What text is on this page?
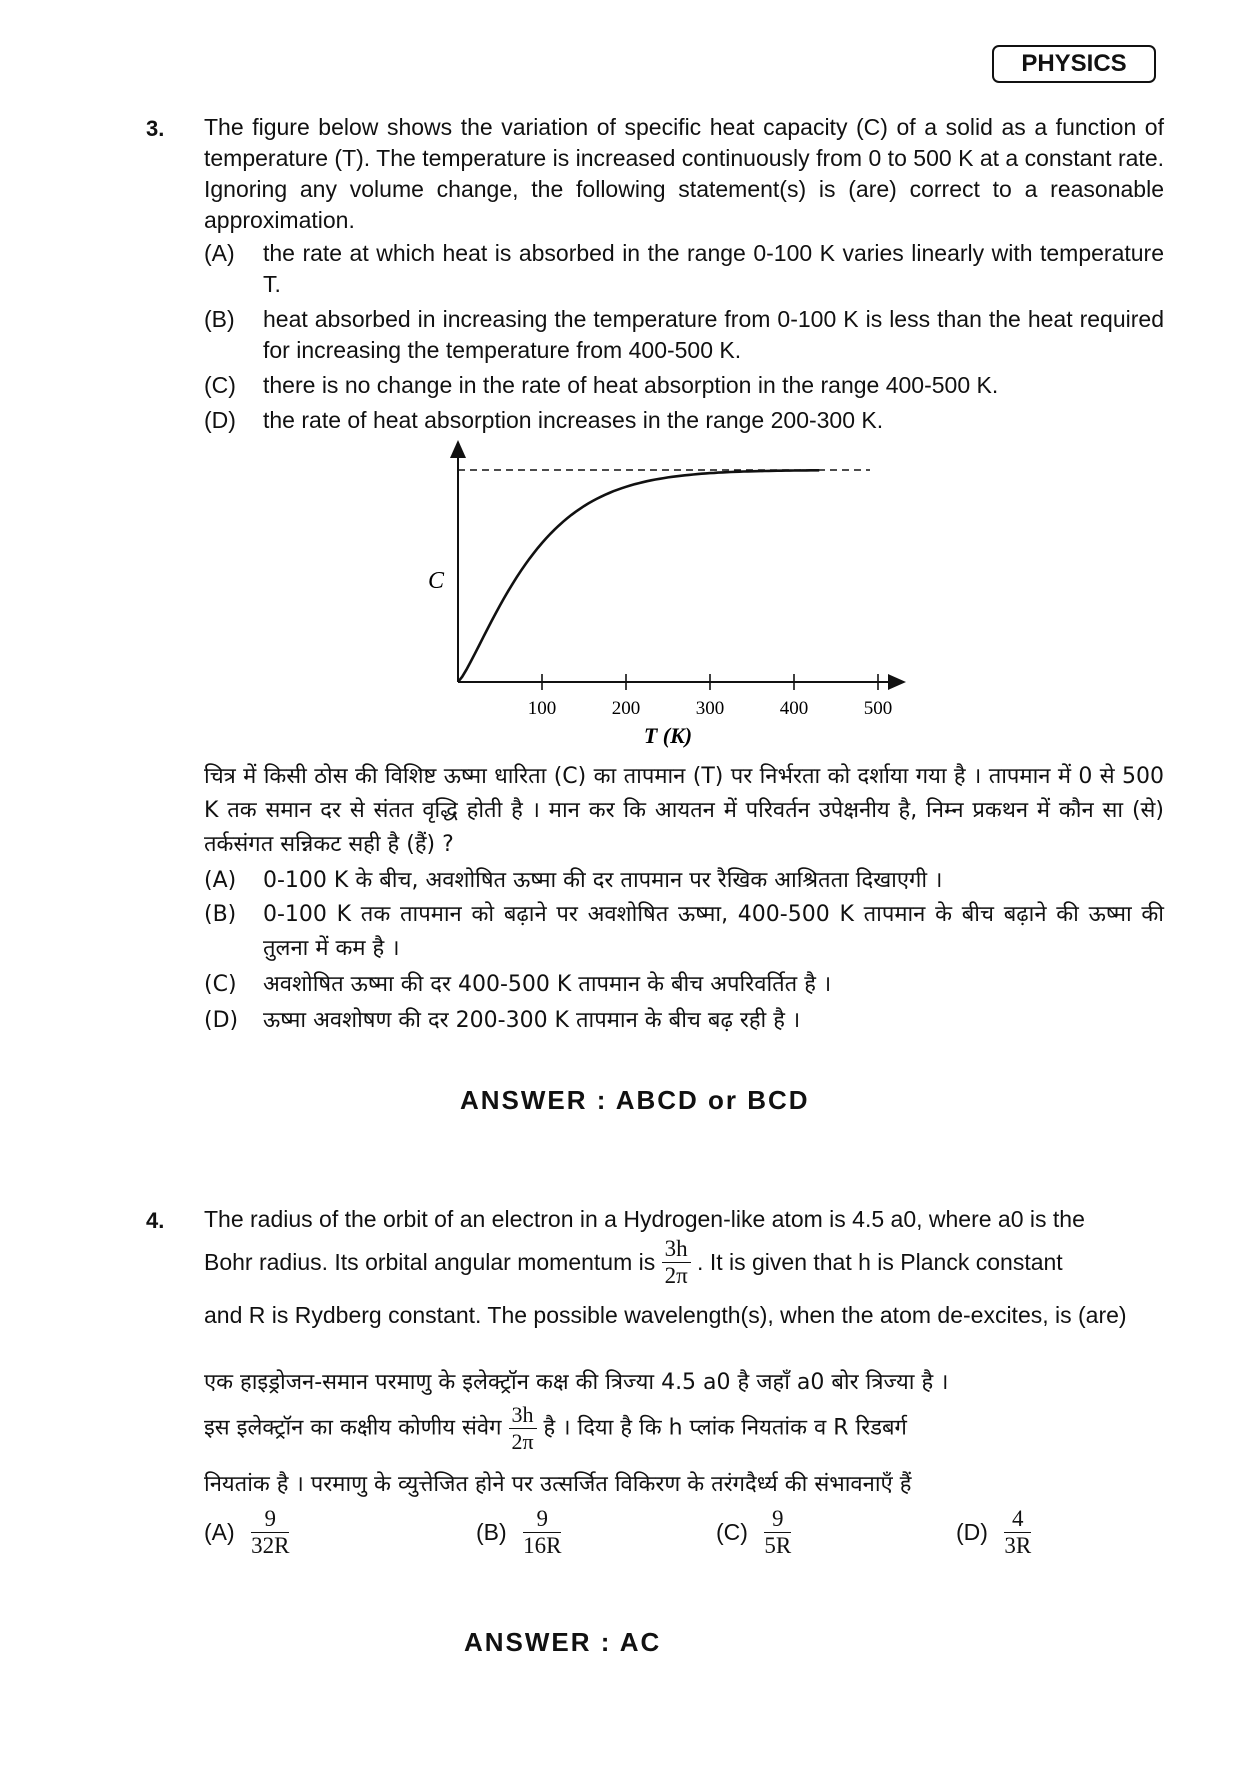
PHYSICS
3. The figure below shows the variation of specific heat capacity (C) of a solid as a function of temperature (T). The temperature is increased continuously from 0 to 500 K at a constant rate. Ignoring any volume change, the following statement(s) is (are) correct to a reasonable approximation.
(A) the rate at which heat is absorbed in the range 0-100 K varies linearly with temperature T.
(B) heat absorbed in increasing the temperature from 0-100 K is less than the heat required for increasing the temperature from 400-500 K.
(C) there is no change in the rate of heat absorption in the range 400-500 K.
(D) the rate of heat absorption increases in the range 200-300 K.
100	200	300	400	500
C
T (K)
चित्र में किसी ठोस की विशिष्ट ऊष्मा धारिता (C) का तापमान (T) पर निर्भरता को दर्शाया गया है । तापमान में 0 से 500 K तक समान दर से संतत वृद्धि होती है । मान कर कि आयतन में परिवर्तन उपेक्षनीय है, निम्न प्रकथन में कौन सा (से) तर्कसंगत सन्निकट सही है (हैं) ?
(A) 0-100 K के बीच, अवशोषित ऊष्मा की दर तापमान पर रैखिक आश्रितता दिखाएगी ।
(B) 0-100 K तक तापमान को बढ़ाने पर अवशोषित ऊष्मा, 400-500 K तापमान के बीच बढ़ाने की ऊष्मा की तुलना में कम है ।
(C) अवशोषित ऊष्मा की दर 400-500 K तापमान के बीच अपरिवर्तित है ।
(D) ऊष्मा अवशोषण की दर 200-300 K तापमान के बीच बढ़ रही है ।
ANSWER : ABCD or BCD
4. The radius of the orbit of an electron in a Hydrogen-like atom is 4.5 a0, where a0 is the
Bohr radius. Its orbital angular momentum is $\frac{3h}{2\pi}$ . It is given that h is Planck constant
and R is Rydberg constant. The possible wavelength(s), when the atom de-excites, is (are)
एक हाइड्रोजन-समान परमाणु के इलेक्ट्रॉन कक्ष की त्रिज्या 4.5 a0 है जहाँ a0 बोर त्रिज्या है ।
इस इलेक्ट्रॉन का कक्षीय कोणीय संवेग $\frac{3h}{2\pi}$ है । दिया है कि h प्लांक नियतांक व R रिडबर्ग
नियतांक है । परमाणु के व्युत्तेजित होने पर उत्सर्जित विकिरण के तरंगदैर्ध्य की संभावनाएँ हैं
$(A) \frac{9}{32R}$	$(B) \frac{9}{16R}$	$(C) \frac{9}{5R}$	$(D) \frac{4}{3R}$
ANSWER : AC
